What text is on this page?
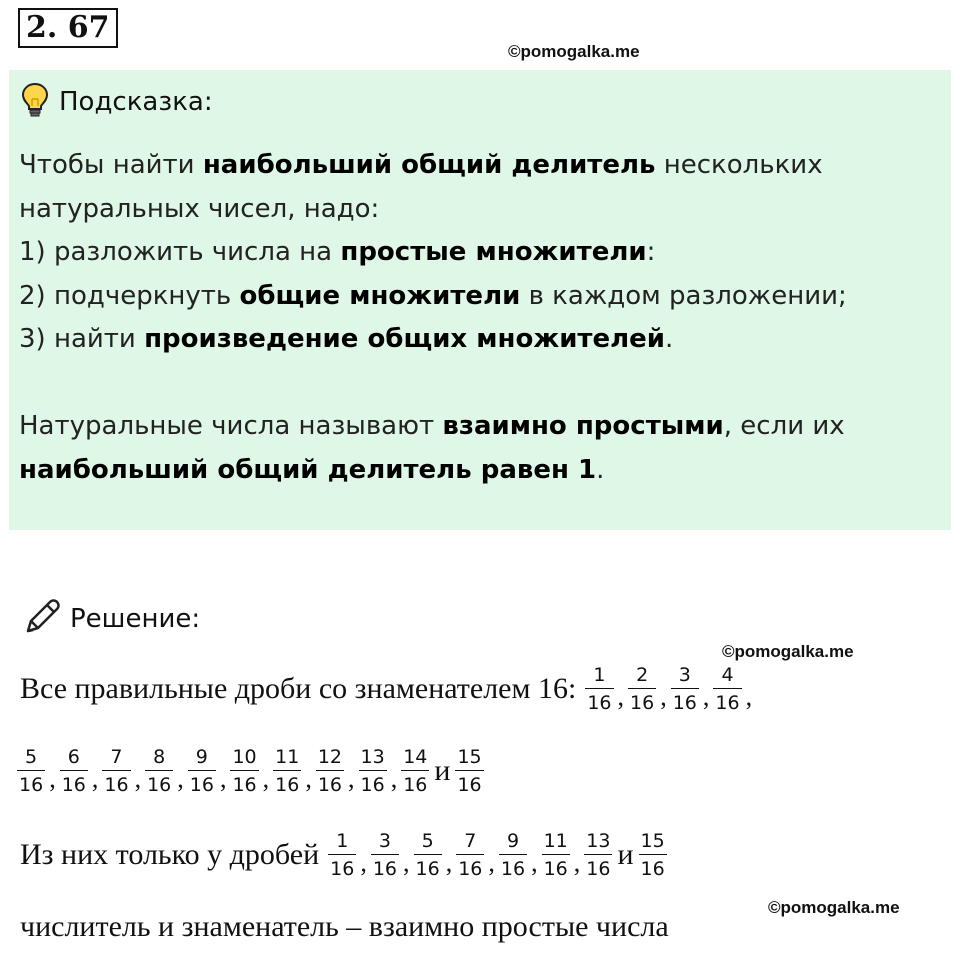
2. 67
©pomogalka.me
Подсказка:

Чтобы найти наибольший общий делитель нескольких

натуральных чисел, надо:

1) разложить числа на простые множители:

2) подчеркнуть общие множители в каждом разложении;

3) найти произведение общих множителей.

Натуральные числа называют взаимно простыми, если их

наибольший общий делитель равен 1.

Решение:
©pomogalka.me
Все правильные дроби со знаменателем 16: $\frac{1}{16}$ , $\frac{2}{16}$ , $\frac{3}{16}$ , $\frac{4}{16}$ ,
$\frac{5}{16}$ , $\frac{6}{16}$ , $\frac{7}{16}$ , $\frac{8}{16}$ , $\frac{9}{16}$ , $\frac{10}{16}$ , $\frac{11}{16}$ , $\frac{12}{16}$ , $\frac{13}{16}$ , $\frac{14}{16}$ и $\frac{15}{16}$
Из них только у дробей $\frac{1}{16}$ , $\frac{3}{16}$ , $\frac{5}{16}$ , $\frac{7}{16}$ , $\frac{9}{16}$ , $\frac{11}{16}$ , $\frac{13}{16}$ и $\frac{15}{16}$
©pomogalka.me
числитель и знаменатель – взаимно простые числа
